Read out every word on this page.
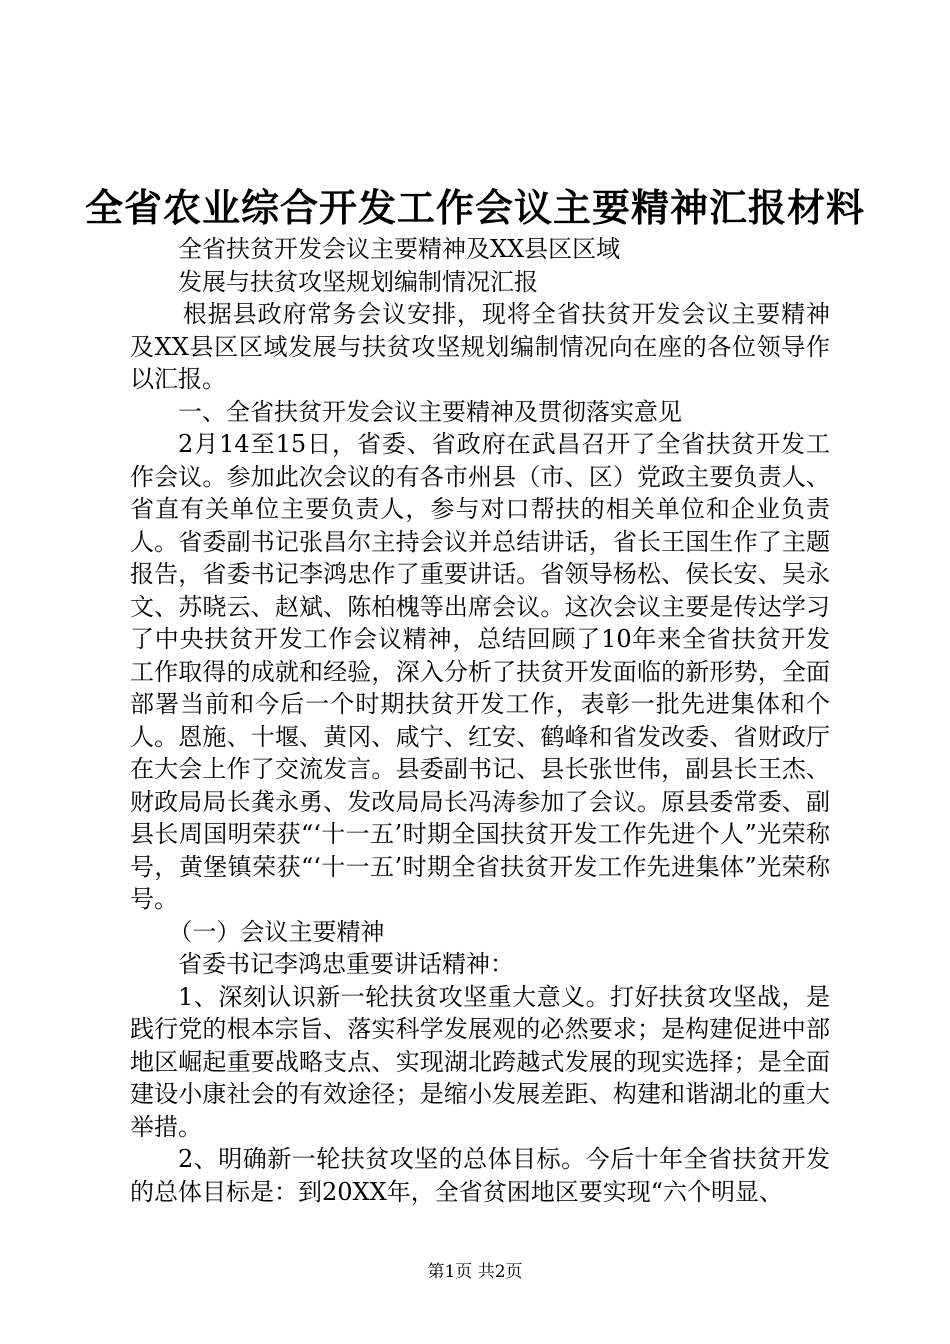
全省农业综合开发工作会议主要精神汇报材料

全省扶贫开发会议主要精神及XX县区区域

发展与扶贫攻坚规划编制情况汇报

根据县政府常务会议安排，现将全省扶贫开发会议主要精神及XX县区区域发展与扶贫攻坚规划编制情况向在座的各位领导作以汇报。

一、全省扶贫开发会议主要精神及贯彻落实意见

2月14至15日，省委、省政府在武昌召开了全省扶贫开发工作会议。参加此次会议的有各市州县（市、区）党政主要负责人、省直有关单位主要负责人，参与对口帮扶的相关单位和企业负责人。省委副书记张昌尔主持会议并总结讲话，省长王国生作了主题报告，省委书记李鸿忠作了重要讲话。省领导杨松、侯长安、吴永文、苏晓云、赵斌、陈柏槐等出席会议。这次会议主要是传达学习了中央扶贫开发工作会议精神，总结回顾了10年来全省扶贫开发工作取得的成就和经验，深入分析了扶贫开发面临的新形势，全面部署当前和今后一个时期扶贫开发工作，表彰一批先进集体和个人。恩施、十堰、黄冈、咸宁、红安、鹤峰和省发改委、省财政厅在大会上作了交流发言。县委副书记、县长张世伟，副县长王杰、财政局局长龚永勇、发改局局长冯涛参加了会议。原县委常委、副县长周国明荣获“‘十一五’时期全国扶贫开发工作先进个人”光荣称号，黄堡镇荣获“‘十一五’时期全省扶贫开发工作先进集体”光荣称号。

（一）会议主要精神

省委书记李鸿忠重要讲话精神：

1、深刻认识新一轮扶贫攻坚重大意义。打好扶贫攻坚战，是践行党的根本宗旨、落实科学发展观的必然要求；是构建促进中部地区崛起重要战略支点、实现湖北跨越式发展的现实选择；是全面建设小康社会的有效途径；是缩小发展差距、构建和谐湖北的重大举措。

2、明确新一轮扶贫攻坚的总体目标。今后十年全省扶贫开发的总体目标是：到20XX年，全省贫困地区要实现“六个明显、

第1页 共2页
